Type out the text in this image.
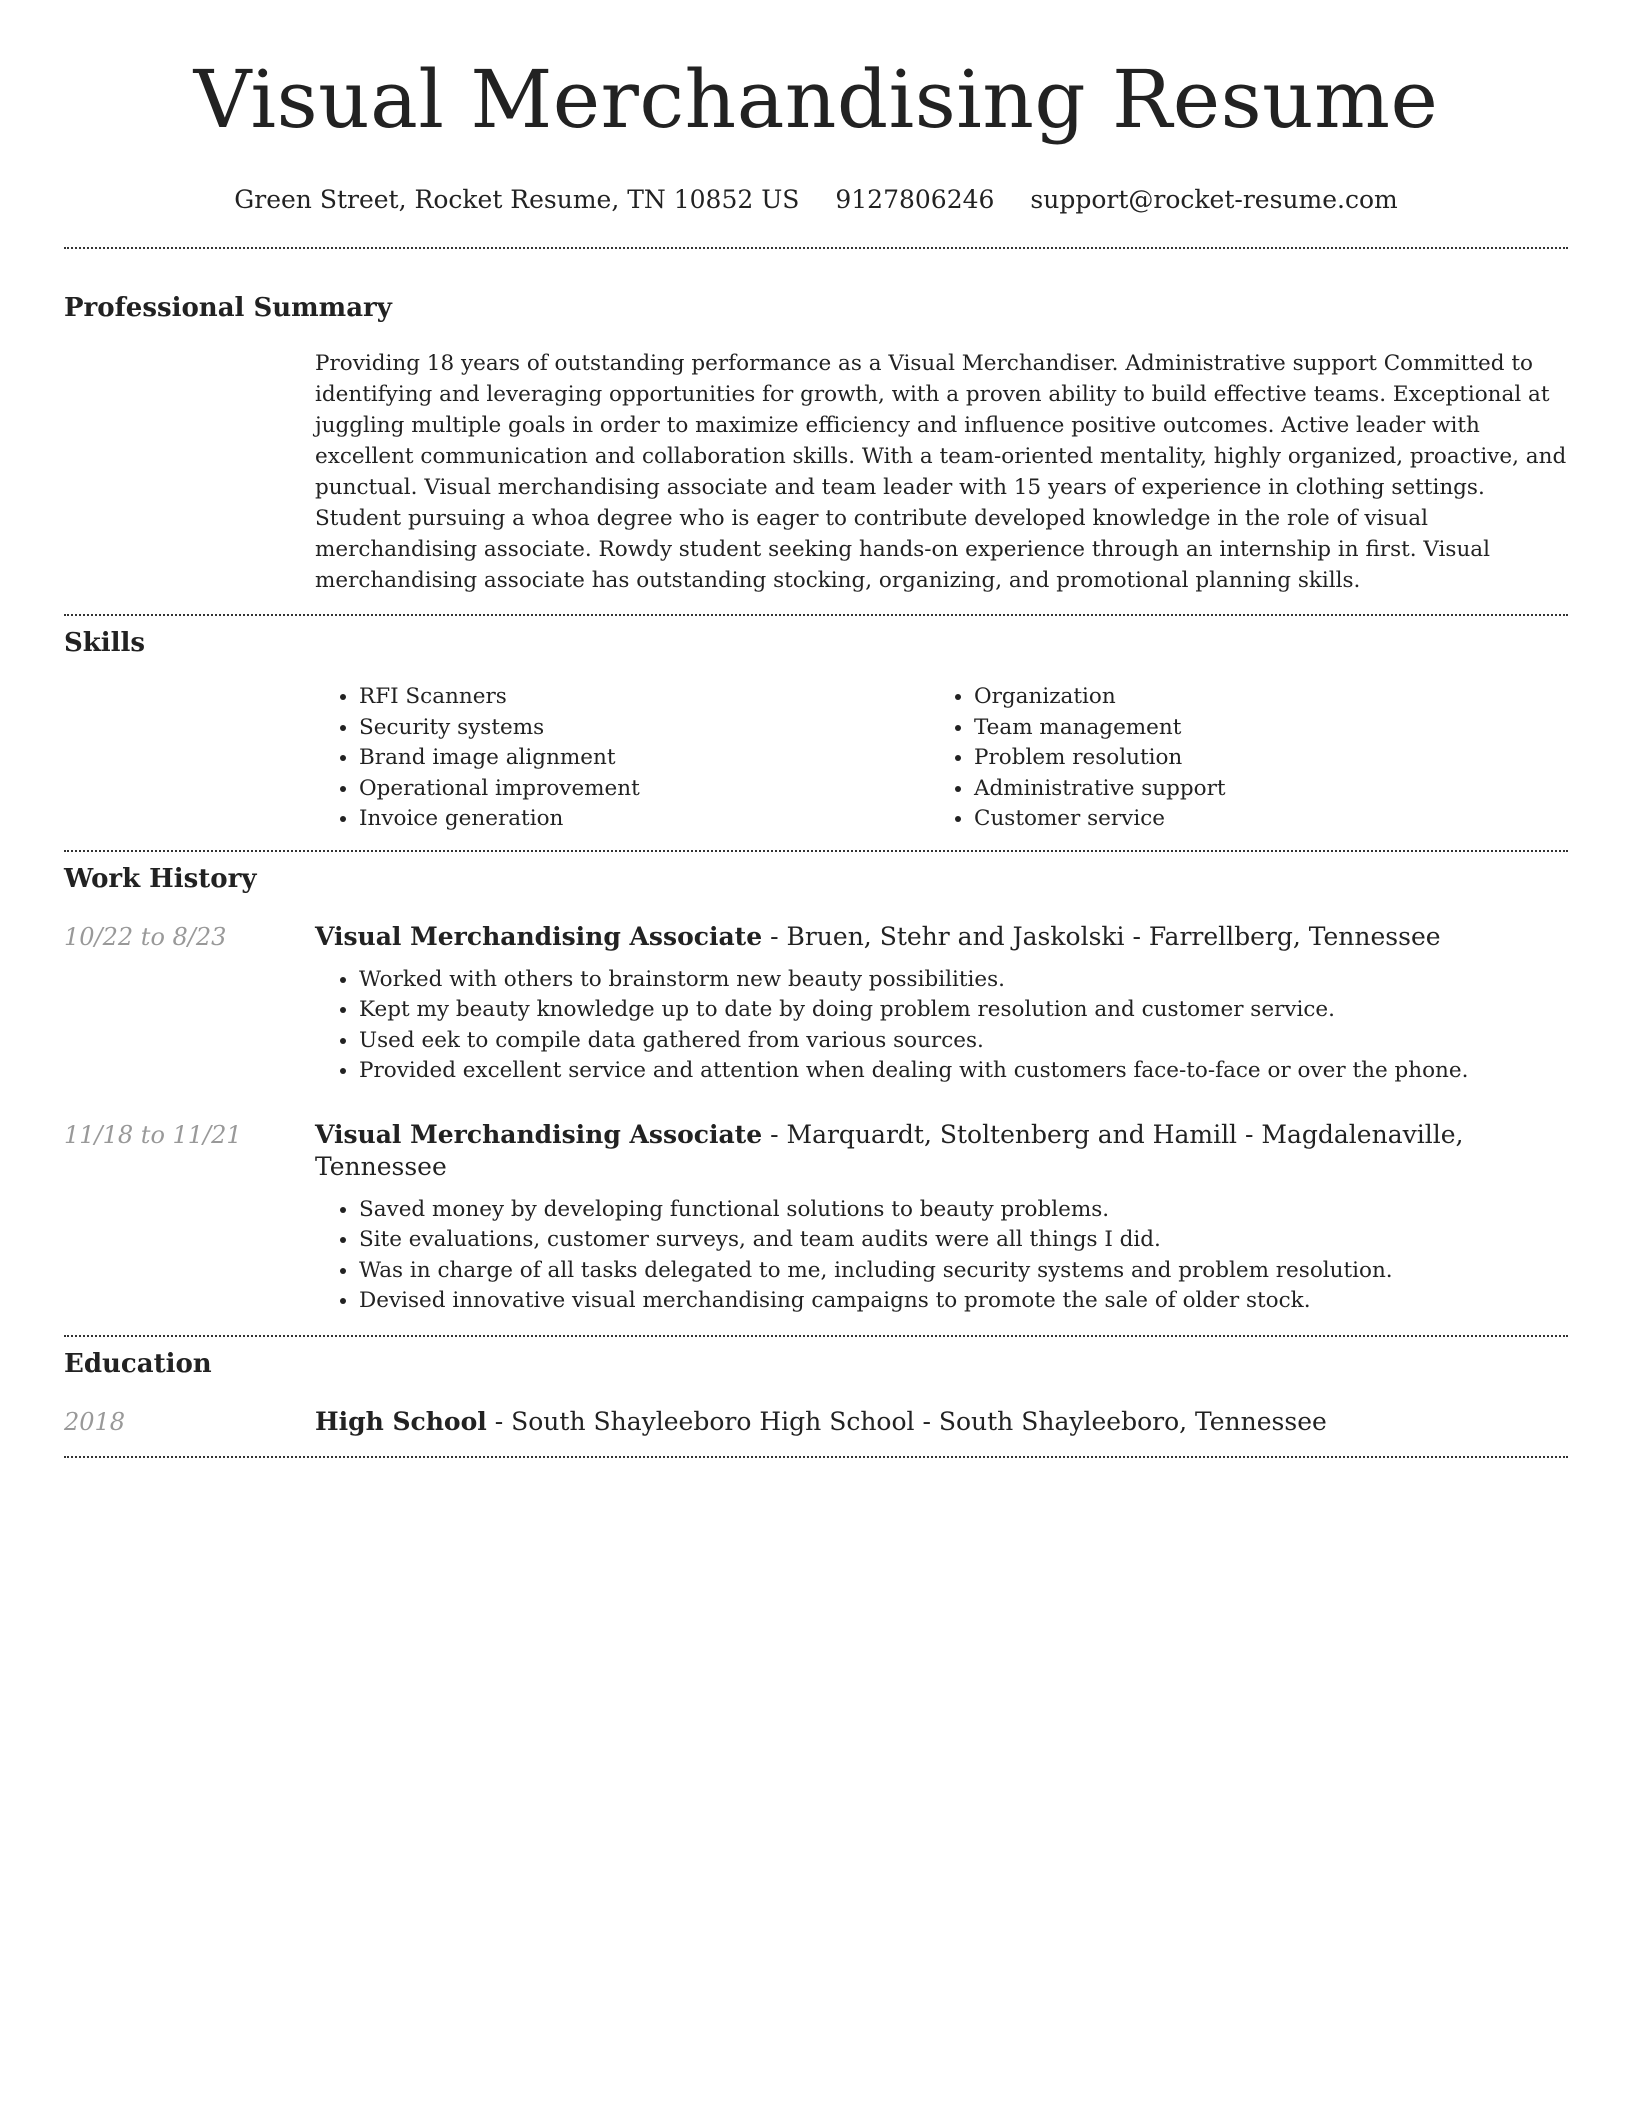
Visual Merchandising Resume
Green Street, Rocket Resume, TN 10852 US 9127806246 support@rocket-resume.com
Professional Summary

Providing 18 years of outstanding performance as a Visual Merchandiser. Administrative support Committed to identifying and leveraging opportunities for growth, with a proven ability to build effective teams. Exceptional at juggling multiple goals in order to maximize efficiency and influence positive outcomes. Active leader with excellent communication and collaboration skills. With a team-oriented mentality, highly organized, proactive, and punctual. Visual merchandising associate and team leader with 15 years of experience in clothing settings. Student pursuing a whoa degree who is eager to contribute developed knowledge in the role of visual merchandising associate. Rowdy student seeking hands-on experience through an internship in first. Visual merchandising associate has outstanding stocking, organizing, and promotional planning skills.

Skills
• RFI Scanners
• Security systems
• Brand image alignment
• Operational improvement
• Invoice generation
• Organization
• Team management
• Problem resolution
• Administrative support
• Customer service
Work History
10/22 to 8/23	Visual Merchandising Associate - Bruen, Stehr and Jaskolski - Farrellberg, Tennessee
• Worked with others to brainstorm new beauty possibilities.
• Kept my beauty knowledge up to date by doing problem resolution and customer service.
• Used eek to compile data gathered from various sources.
• Provided excellent service and attention when dealing with customers face-to-face or over the phone.
11/18 to 11/21	Visual Merchandising Associate - Marquardt, Stoltenberg and Hamill - Magdalenaville, Tennessee
• Saved money by developing functional solutions to beauty problems.
• Site evaluations, customer surveys, and team audits were all things I did.
• Was in charge of all tasks delegated to me, including security systems and problem resolution.
• Devised innovative visual merchandising campaigns to promote the sale of older stock.
Education
2018	High School - South Shayleeboro High School - South Shayleeboro, Tennessee
